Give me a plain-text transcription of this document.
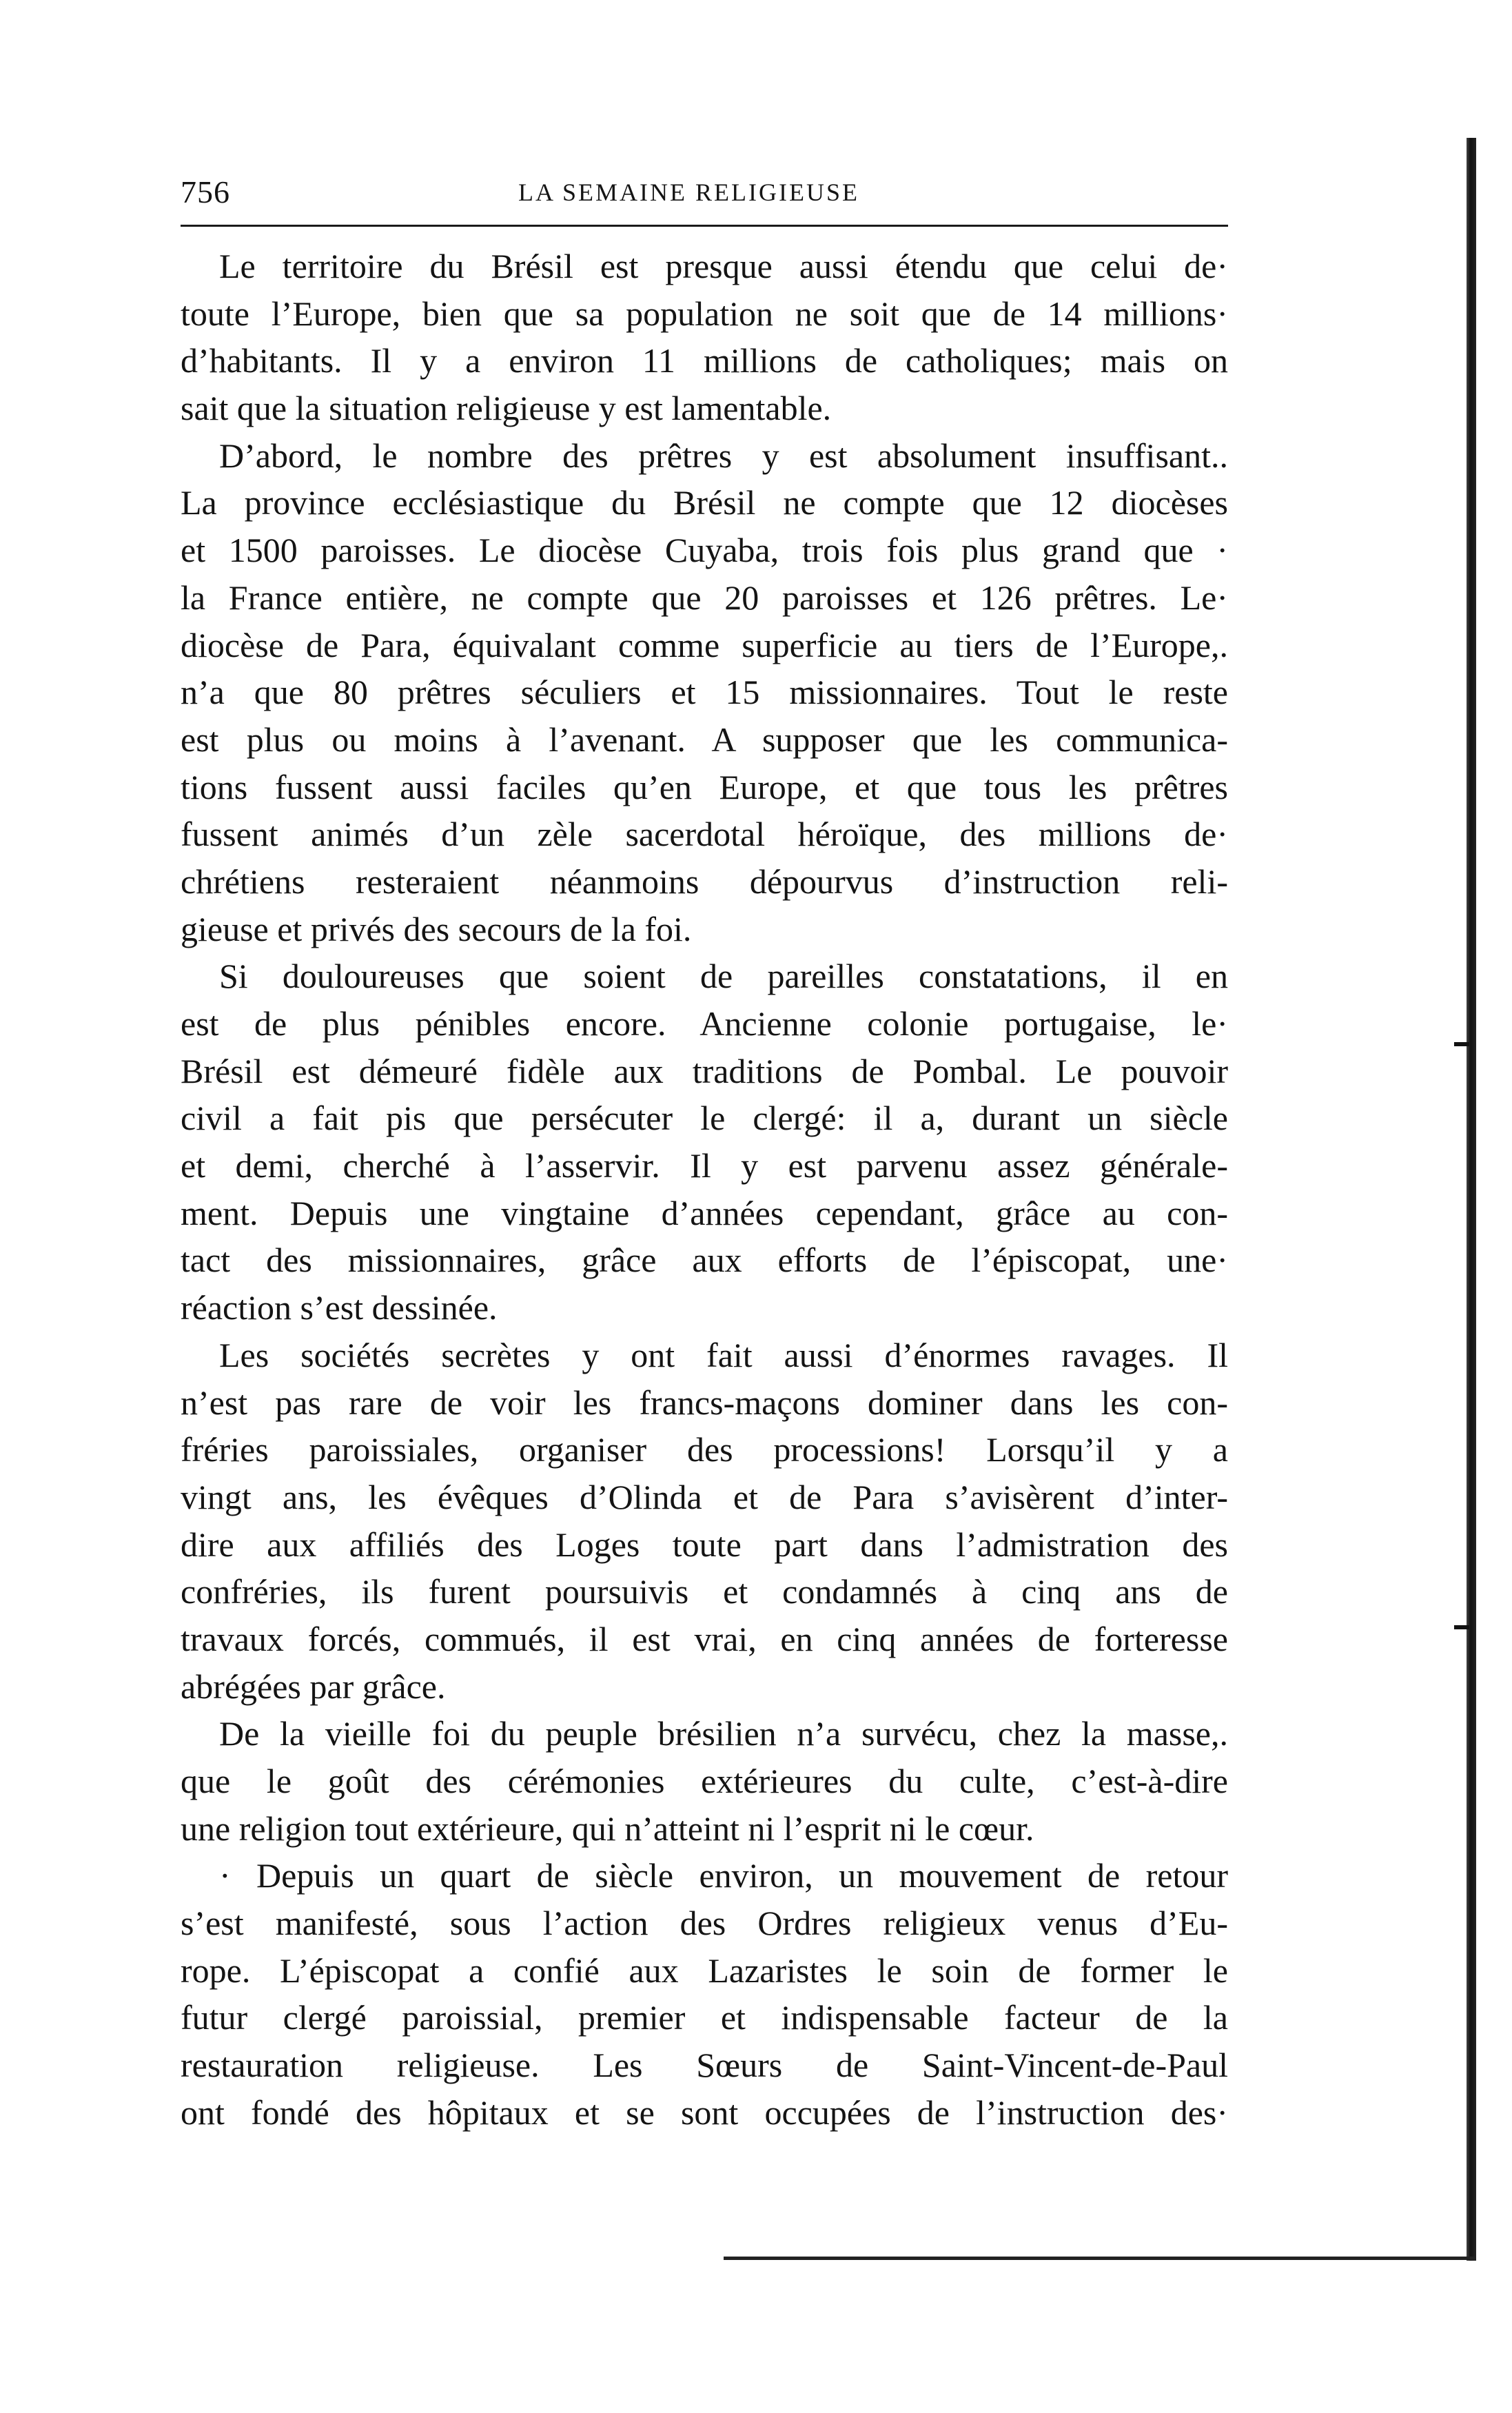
756	LA SEMAINE RELIGIEUSE
Le territoire du Brésil est presque aussi étendu que celui de·
toute l’Europe, bien que sa population ne soit que de 14 millions·
d’habitants. Il y a environ 11 millions de catholiques; mais on
sait que la situation religieuse y est lamentable.
D’abord, le nombre des prêtres y est absolument insuffisant..
La province ecclésiastique du Brésil ne compte que 12 diocèses
et 1500 paroisses. Le diocèse Cuyaba, trois fois plus grand que ·
la France entière, ne compte que 20 paroisses et 126 prêtres. Le·
diocèse de Para, équivalant comme superficie au tiers de l’Europe,.
n’a que 80 prêtres séculiers et 15 missionnaires. Tout le reste
est plus ou moins à l’avenant. A supposer que les communica-
tions fussent aussi faciles qu’en Europe, et que tous les prêtres
fussent animés d’un zèle sacerdotal héroïque, des millions de·
chrétiens resteraient néanmoins dépourvus d’instruction reli-
gieuse et privés des secours de la foi.
Si douloureuses que soient de pareilles constatations, il en
est de plus pénibles encore. Ancienne colonie portugaise, le·
Brésil est démeuré fidèle aux traditions de Pombal. Le pouvoir
civil a fait pis que persécuter le clergé: il a, durant un siècle
et demi, cherché à l’asservir. Il y est parvenu assez générale-
ment. Depuis une vingtaine d’années cependant, grâce au con-
tact des missionnaires, grâce aux efforts de l’épiscopat, une·
réaction s’est dessinée.
Les sociétés secrètes y ont fait aussi d’énormes ravages. Il
n’est pas rare de voir les francs-maçons dominer dans les con-
fréries paroissiales, organiser des processions! Lorsqu’il y a
vingt ans, les évêques d’Olinda et de Para s’avisèrent d’inter-
dire aux affiliés des Loges toute part dans l’admistration des
confréries, ils furent poursuivis et condamnés à cinq ans de
travaux forcés, commués, il est vrai, en cinq années de forteresse
abrégées par grâce.
De la vieille foi du peuple brésilien n’a survécu, chez la masse,.
que le goût des cérémonies extérieures du culte, c’est-à-dire
une religion tout extérieure, qui n’atteint ni l’esprit ni le cœur.
· Depuis un quart de siècle environ, un mouvement de retour
s’est manifesté, sous l’action des Ordres religieux venus d’Eu-
rope. L’épiscopat a confié aux Lazaristes le soin de former le
futur clergé paroissial, premier et indispensable facteur de la
restauration religieuse. Les Sœurs de Saint-Vincent-de-Paul
ont fondé des hôpitaux et se sont occupées de l’instruction des·
